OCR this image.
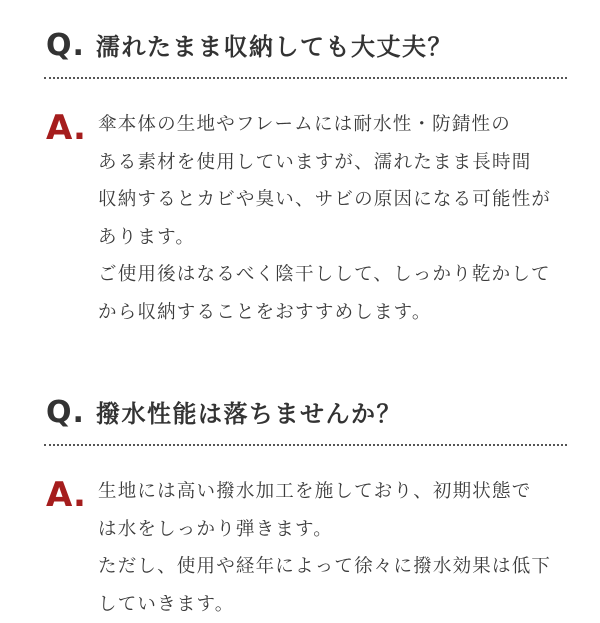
Q. 濡れたまま収納しても大丈夫？
A. 傘本体の生地やフレームには耐水性・防錆性の
ある素材を使用していますが、濡れたまま長時間
収納するとカビや臭い、サビの原因になる可能性が
あります。
ご使用後はなるべく陰干しして、しっかり乾かして
から収納することをおすすめします。
Q. 撥水性能は落ちませんか？
A. 生地には高い撥水加工を施しており、初期状態で
は水をしっかり弾きます。
ただし、使用や経年によって徐々に撥水効果は低下
していきます。
